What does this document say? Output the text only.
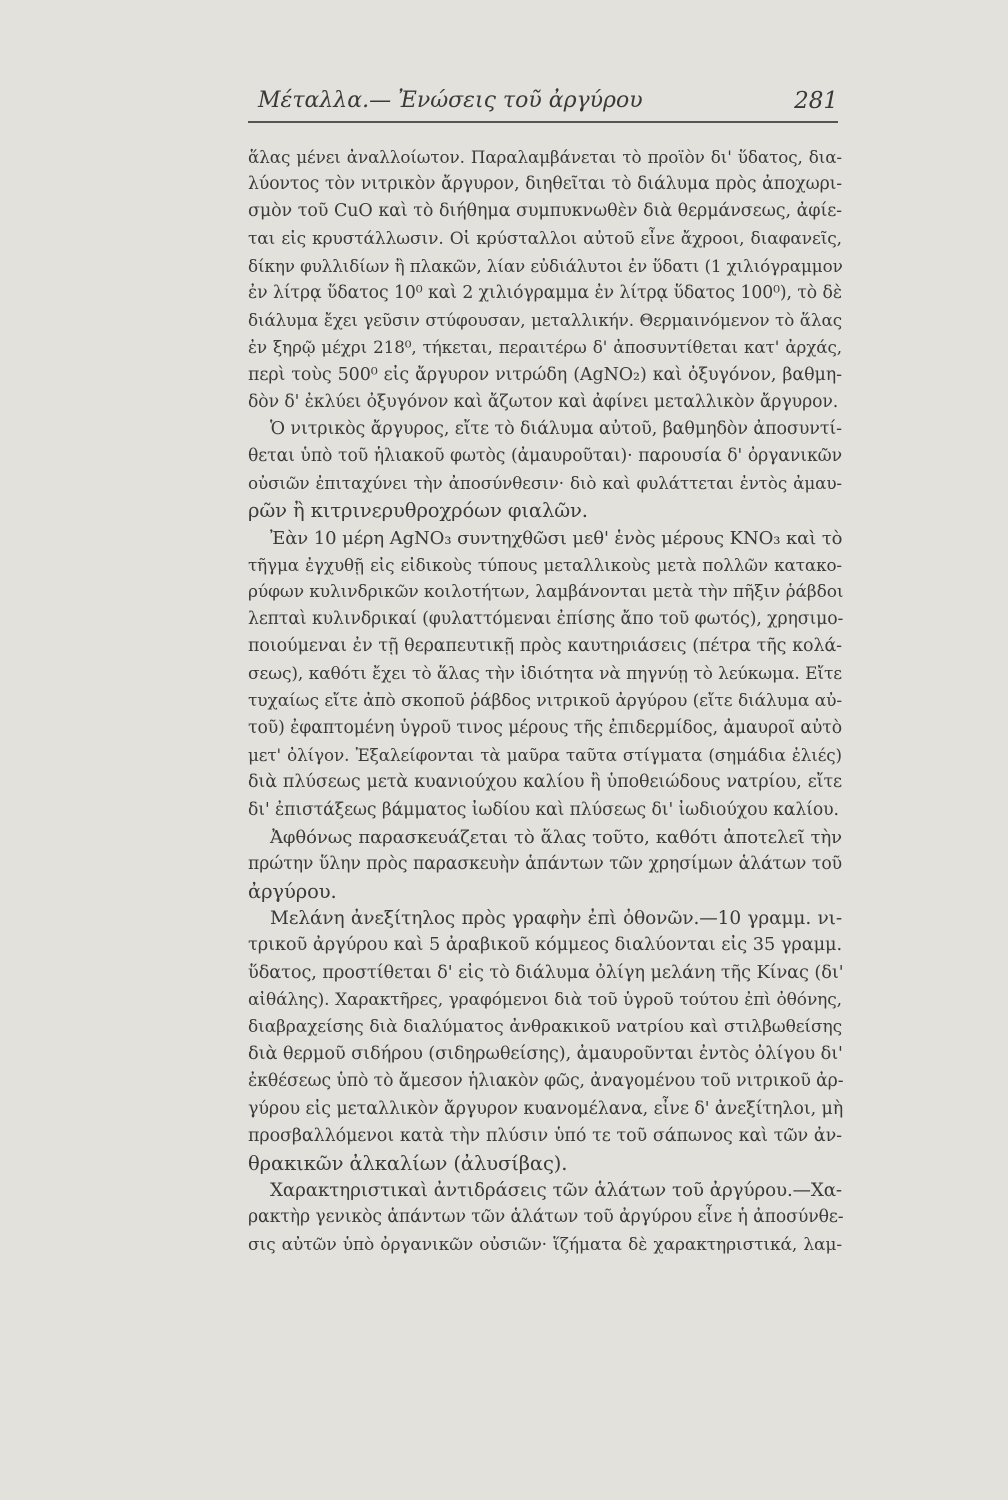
Μέταλλα.— Ἐνώσεις τοῦ ἀργύρου	281
ἅλας μένει ἀναλλοίωτον. Παραλαμβάνεται τὸ προϊὸν δι' ὕδατος, δια-
λύοντος τὸν νιτρικὸν ἄργυρον, διηθεῖται τὸ διάλυμα πρὸς ἀποχωρι-
σμὸν τοῦ CuO καὶ τὸ διήθημα συμπυκνωθὲν διὰ θερμάνσεως, ἀφίε-
ται εἰς κρυστάλλωσιν. Οἱ κρύσταλλοι αὐτοῦ εἶνε ἄχροοι, διαφανεῖς,
δίκην φυλλιδίων ἢ πλακῶν, λίαν εὐδιάλυτοι ἐν ὕδατι (1 χιλιόγραμμον
ἐν λίτρᾳ ὕδατος 10⁰ καὶ 2 χιλιόγραμμα ἐν λίτρᾳ ὕδατος 100⁰), τὸ δὲ
διάλυμα ἔχει γεῦσιν στύφουσαν, μεταλλικήν. Θερμαινόμενον τὸ ἅλας
ἐν ξηρῷ μέχρι 218⁰, τήκεται, περαιτέρω δ' ἀποσυντίθεται κατ' ἀρχάς,
περὶ τοὺς 500⁰ εἰς ἄργυρον νιτρώδη (AgNO₂) καὶ ὀξυγόνον, βαθμη-
δὸν δ' ἐκλύει ὀξυγόνον καὶ ἄζωτον καὶ ἀφίνει μεταλλικὸν ἄργυρον.
Ὁ νιτρικὸς ἄργυρος, εἴτε τὸ διάλυμα αὐτοῦ, βαθμηδὸν ἀποσυντί-
θεται ὑπὸ τοῦ ἡλιακοῦ φωτὸς (ἀμαυροῦται)· παρουσία δ' ὀργανικῶν
οὐσιῶν ἐπιταχύνει τὴν ἀποσύνθεσιν· διὸ καὶ φυλάττεται ἐντὸς ἀμαυ-
ρῶν ἢ κιτρινερυθροχρόων φιαλῶν.
Ἐὰν 10 μέρη AgNO₃ συντηχθῶσι μεθ' ἑνὸς μέρους KNO₃ καὶ τὸ
τῆγμα ἐγχυθῇ εἰς εἰδικοὺς τύπους μεταλλικοὺς μετὰ πολλῶν κατακο-
ρύφων κυλινδρικῶν κοιλοτήτων, λαμβάνονται μετὰ τὴν πῆξιν ῥάβδοι
λεπταὶ κυλινδρικαί (φυλαττόμεναι ἐπίσης ἄπο τοῦ φωτός), χρησιμο-
ποιούμεναι ἐν τῇ θεραπευτικῇ πρὸς καυτηριάσεις (πέτρα τῆς κολά-
σεως), καθότι ἔχει τὸ ἅλας τὴν ἰδιότητα νὰ πηγνύῃ τὸ λεύκωμα. Εἴτε
τυχαίως εἴτε ἀπὸ σκοποῦ ῥάβδος νιτρικοῦ ἀργύρου (εἴτε διάλυμα αὐ-
τοῦ) ἐφαπτομένη ὑγροῦ τινος μέρους τῆς ἐπιδερμίδος, ἀμαυροῖ αὐτὸ
μετ' ὀλίγον. Ἐξαλείφονται τὰ μαῦρα ταῦτα στίγματα (σημάδια ἐλιές)
διὰ πλύσεως μετὰ κυανιούχου καλίου ἢ ὑποθειώδους νατρίου, εἴτε
δι' ἐπιστάξεως βάμματος ἰωδίου καὶ πλύσεως δι' ἰωδιούχου καλίου.
Ἀφθόνως παρασκευάζεται τὸ ἅλας τοῦτο, καθότι ἀποτελεῖ τὴν
πρώτην ὕλην πρὸς παρασκευὴν ἁπάντων τῶν χρησίμων ἁλάτων τοῦ
ἀργύρου.
Μελάνη ἀνεξίτηλος πρὸς γραφὴν ἐπὶ ὀθονῶν.—10 γραμμ. νι-
τρικοῦ ἀργύρου καὶ 5 ἀραβικοῦ κόμμεος διαλύονται εἰς 35 γραμμ.
ὕδατος, προστίθεται δ' εἰς τὸ διάλυμα ὀλίγη μελάνη τῆς Κίνας (δι'
αἰθάλης). Χαρακτῆρες, γραφόμενοι διὰ τοῦ ὑγροῦ τούτου ἐπὶ ὀθόνης,
διαβραχείσης διὰ διαλύματος ἀνθρακικοῦ νατρίου καὶ στιλβωθείσης
διὰ θερμοῦ σιδήρου (σιδηρωθείσης), ἀμαυροῦνται ἐντὸς ὀλίγου δι'
ἐκθέσεως ὑπὸ τὸ ἄμεσον ἡλιακὸν φῶς, ἀναγομένου τοῦ νιτρικοῦ ἀρ-
γύρου εἰς μεταλλικὸν ἄργυρον κυανομέλανα, εἶνε δ' ἀνεξίτηλοι, μὴ
προσβαλλόμενοι κατὰ τὴν πλύσιν ὑπό τε τοῦ σάπωνος καὶ τῶν ἀν-
θρακικῶν ἀλκαλίων (ἀλυσίβας).
Χαρακτηριστικαὶ ἀντιδράσεις τῶν ἁλάτων τοῦ ἀργύρου.—Χα-
ρακτὴρ γενικὸς ἁπάντων τῶν ἁλάτων τοῦ ἀργύρου εἶνε ἡ ἀποσύνθε-
σις αὐτῶν ὑπὸ ὀργανικῶν οὐσιῶν· ἵζήματα δὲ χαρακτηριστικά, λαμ-
